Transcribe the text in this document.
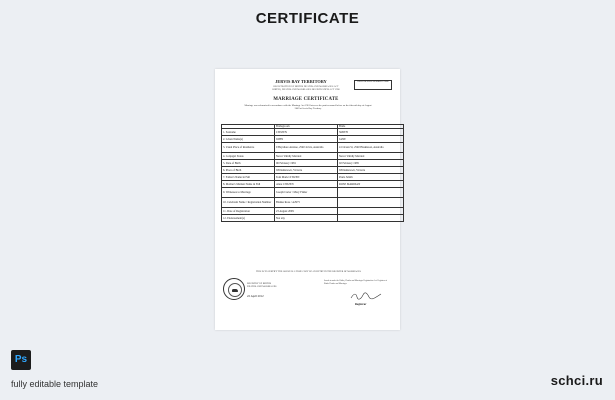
CERTIFICATE
JERVIS BAY TERRITORY
REGISTRATION OF BIRTHS DEATHS AND MARRIAGES ACT
BIRTHS, DEATHS AND MARRIAGES REGISTRATION ACT 1996
REGISTRATION NUMBER 123456
MARRIAGE CERTIFICATE
Marriage was solemnised in accordance with the Marriage Act 1961 between the parties named below on the fifteenth day of August 2009 at Jervis Bay Territory
	Bridegroom	Bride
1. Surname	CITIZEN	SMITH
2. Given Name(s)	JOHN	JANE
3. Usual Place of Residence	9 Bayshore Avenue, 2540 Jervis, Australia	41 Ocean St, 2540 Huskisson, Australia
4. Conjugal Status	Never Validly Married	Never Validly Married
5. Date of Birth	06 February 1981	02 February 1985
6. Place of Birth	Williamstown, Victoria	Williamstown, Victoria
7. Father's Name in Full	Tom Mark CITIZEN	Paula Smith
8. Mother's Maiden Name in Full	Anna CITIZEN	ROSE MARDIAN
9. Witnesses to Marriage	Joseph Carter / Mary Fisher	
10. Celebrant Name / Registration Number	Blanka Rose / A2975	
11. Date of Registration	23 August 2009	
12. Endorsement(s)	Not any	
THIS IS TO CERTIFY THE ABOVE IS A TRUE COPY OF AN ENTRY IN THE REGISTER OF MARRIAGES
REGISTRY OF BIRTHS
DEATHS AND MARRIAGES
22 April 2012
Issued at under the Births, Deaths and Marriages Registration Act. Registrar of Births Deaths and Marriages
Registrar
Ps
fully editable template	schci.ru
